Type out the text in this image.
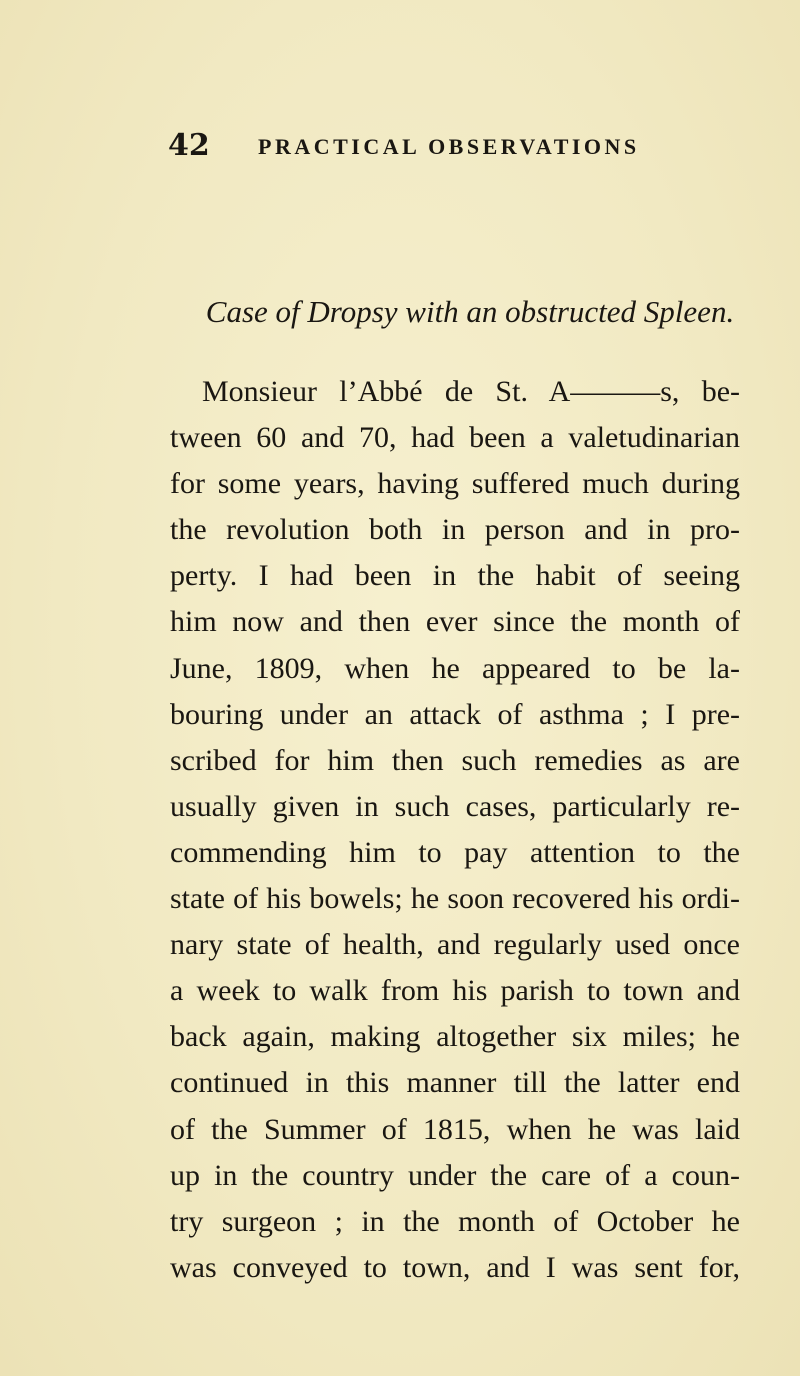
42 PRACTICAL OBSERVATIONS
Case of Dropsy with an obstructed Spleen.
Monsieur l’Abbé de St. A———s, be-
tween 60 and 70, had been a valetudinarian
for some years, having suffered much during
the revolution both in person and in pro-
perty. I had been in the habit of seeing
him now and then ever since the month of
June, 1809, when he appeared to be la-
bouring under an attack of asthma ; I pre-
scribed for him then such remedies as are
usually given in such cases, particularly re-
commending him to pay attention to the
state of his bowels; he soon recovered his ordi-
nary state of health, and regularly used once
a week to walk from his parish to town and
back again, making altogether six miles; he
continued in this manner till the latter end
of the Summer of 1815, when he was laid
up in the country under the care of a coun-
try surgeon ; in the month of October he
was conveyed to town, and I was sent for,
